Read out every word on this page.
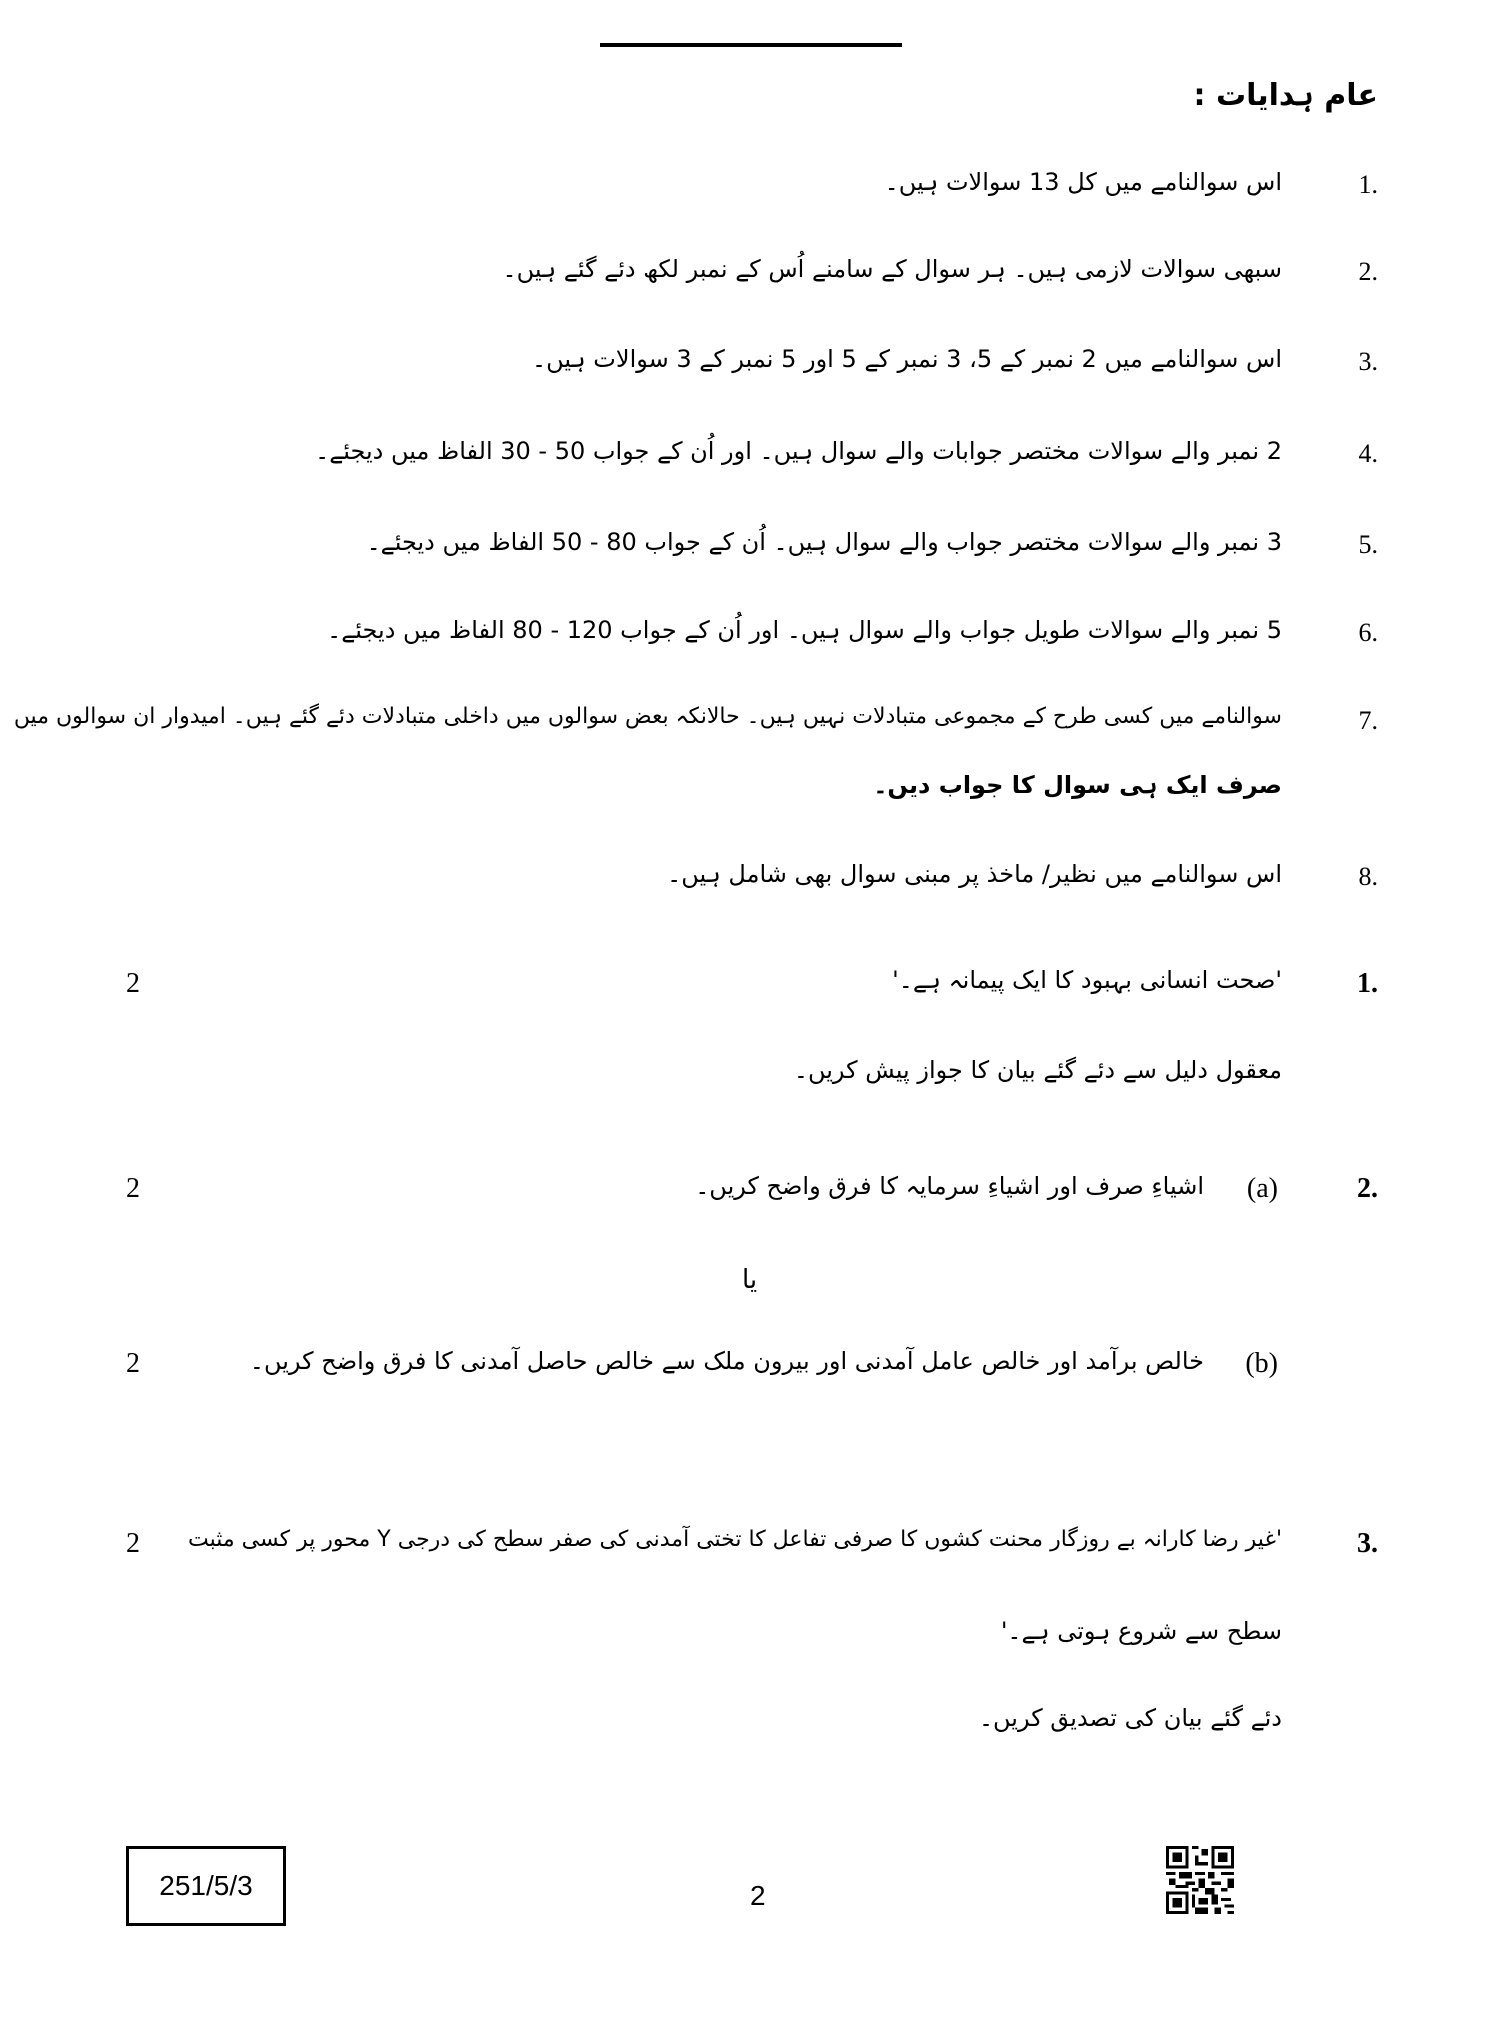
عام ہدایات :
1.
اس سوالنامے میں کل 13 سوالات ہیں۔
2.
سبھی سوالات لازمی ہیں۔ ہر سوال کے سامنے اُس کے نمبر لکھ دئے گئے ہیں۔
3.
اس سوالنامے میں 2 نمبر کے 5، 3 نمبر کے 5 اور 5 نمبر کے 3 سوالات ہیں۔
4.
2 نمبر والے سوالات مختصر جوابات والے سوال ہیں۔ اور اُن کے جواب 50 - 30 الفاظ میں دیجئے۔
5.
3 نمبر والے سوالات مختصر جواب والے سوال ہیں۔ اُن کے جواب 80 - 50 الفاظ میں دیجئے۔
6.
5 نمبر والے سوالات طویل جواب والے سوال ہیں۔ اور اُن کے جواب 120 - 80 الفاظ میں دیجئے۔
7.
سوالنامے میں کسی طرح کے مجموعی متبادلات نہیں ہیں۔ حالانکہ بعض سوالوں میں داخلی متبادلات دئے گئے ہیں۔ امیدوار ان سوالوں میں
صرف ایک ہی سوال کا جواب دیں۔
8.
اس سوالنامے میں نظیر/ ماخذ پر مبنی سوال بھی شامل ہیں۔
1.
2	'صحت انسانی بہبود کا ایک پیمانہ ہے۔'
معقول دلیل سے دئے گئے بیان کا جواز پیش کریں۔
2.
(a)
2	اشیاءِ صرف اور اشیاءِ سرمایہ کا فرق واضح کریں۔
یا
(b)
2	خالص برآمد اور خالص عامل آمدنی اور بیرون ملک سے خالص حاصل آمدنی کا فرق واضح کریں۔
3.
2 'غیر رضا کارانہ بے روزگار محنت کشوں کا صرفی تفاعل کا تختی آمدنی کی صفر سطح کی درجی Y محور پر کسی مثبت
سطح سے شروع ہوتی ہے۔'
دئے گئے بیان کی تصدیق کریں۔
251/5/3	2
